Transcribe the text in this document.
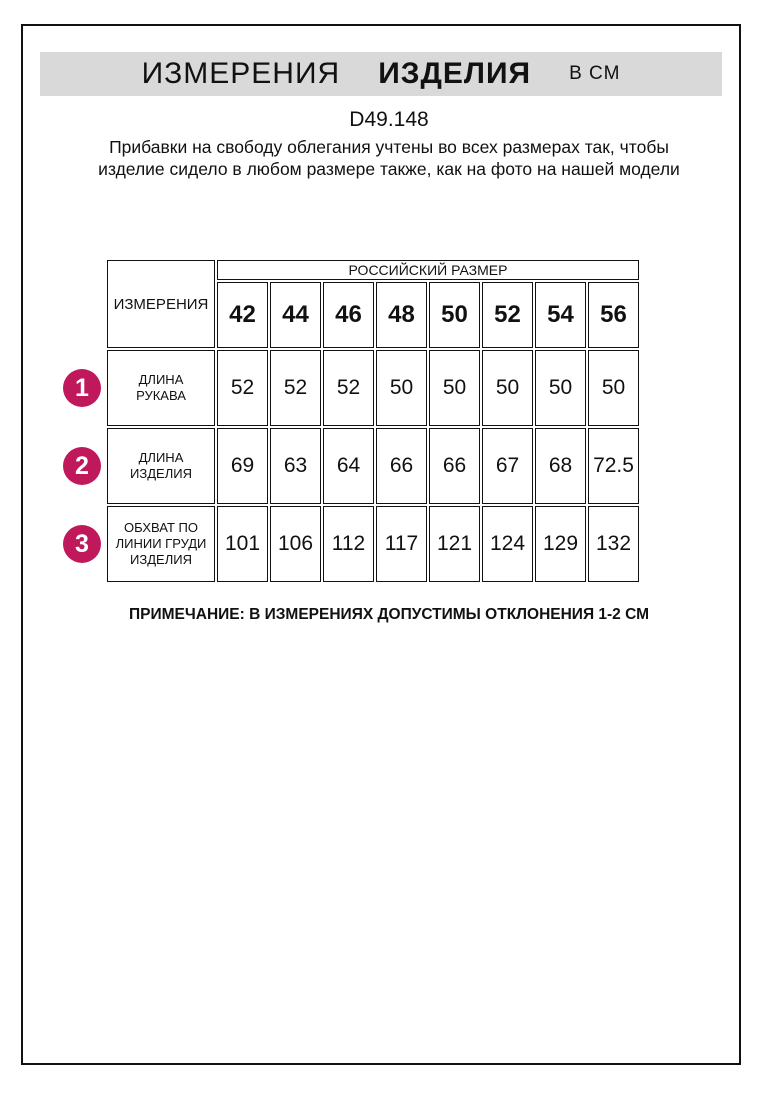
ИЗМЕРЕНИЯ ИЗДЕЛИЯ В СМ
D49.148
Прибавки на свободу облегания учтены во всех размерах так, чтобы изделие сидело в любом размере также, как на фото на нашей модели
ИЗМЕРЕНИЯ	РОССИЙСКИЙ РАЗМЕР							
	42	44	46	48	50	52	54	56
ДЛИНА РУКАВА	52	52	52	50	50	50	50	50
ДЛИНА ИЗДЕЛИЯ	69	63	64	66	66	67	68	72.5
ОБХВАТ ПО ЛИНИИ ГРУДИ ИЗДЕЛИЯ	101	106	112	117	121	124	129	132
1
2
3
ПРИМЕЧАНИЕ: В ИЗМЕРЕНИЯХ ДОПУСТИМЫ ОТКЛОНЕНИЯ 1-2 СМ
